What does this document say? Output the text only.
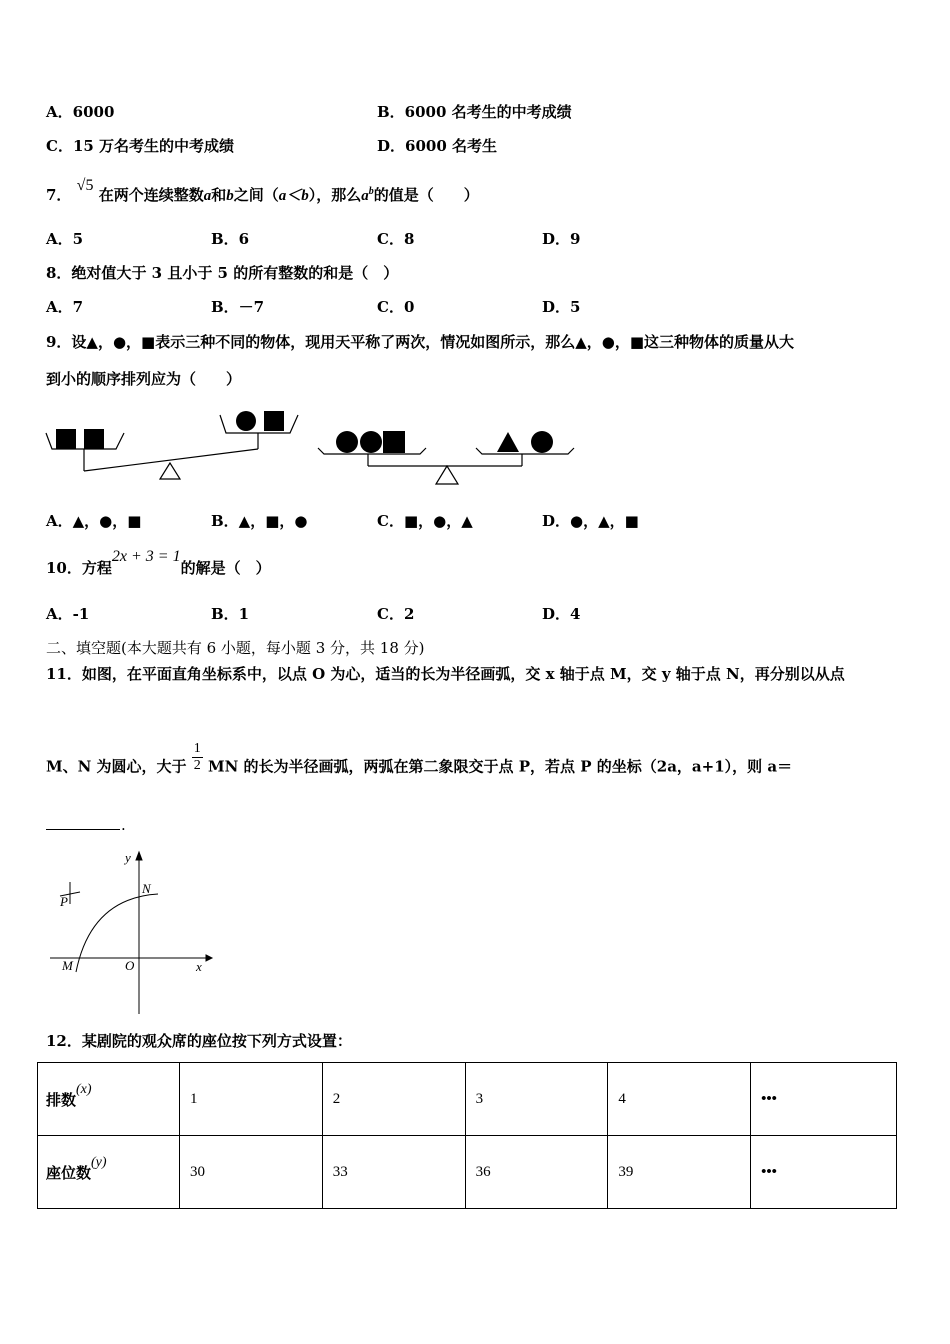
A．6000	B．6000 名考生的中考成绩
C．15 万名考生的中考成绩	D．6000 名考生
7． √5 在两个连续整数a和b之间（a＜b），那么$a^b$的值是（　　）
A．5	B．6	C．8	D．9
8．绝对值大于 3 且小于 5 的所有整数的和是（　）
A．7	B．－7	C．0	D．5
9．设▲，●，■表示三种不同的物体，现用天平称了两次，情况如图所示，那么▲，●，■这三种物体的质量从大
到小的顺序排列应为（　　）
A．▲，●，■	B．▲，■，●	C．■，●，▲	D．●，▲，■
10．方程2x + 3 = 1的解是（　）
A．-1	B．1	C．2	D．4
二、填空题(本大题共有 6 小题，每小题 3 分，共 18 分)
11．如图，在平面直角坐标系中，以点 O 为心，适当的长为半径画弧，交 x 轴于点 M，交 y 轴于点 N，再分别以从点
M、N 为圆心，大于 $\frac{1}{2}$ MN 的长为半径画弧，两弧在第二象限交于点 P，若点 P 的坐标（2a，a+1），则 a＝
.
y
N
P
M	O	x
12．某剧院的观众席的座位按下列方式设置：
排数(x)	1	2	3	4	•••
座位数(y)	30	33	36	39	•••
